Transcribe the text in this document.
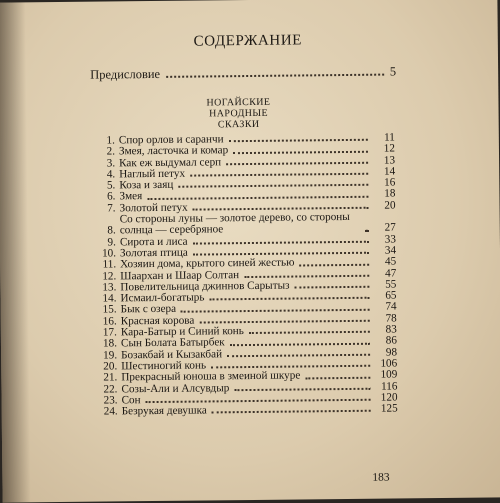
СОДЕРЖАНИЕ
Предисловие	5
НОГАЙСКИЕ
НАРОДНЫЕ
СКАЗКИ
1. Спор орлов и саранчи	11
2. Змея, ласточка и комар	12
3. Как еж выдумал серп	13
4. Наглый петух	14
5. Коза и заяц	16
6. Змея	18
7. Золотой петух	20
8.
Со стороны луны — золотое дерево, со стороны солнца — серебряное	27
9. Сирота и лиса	33
10. Золотая птица	34
11. Хозяин дома, крытого синей жестью	45
12. Шаархан и Шаар Солтан	47
13. Повелительница джиннов Сарытыз	55
14. Исмаил-богатырь	65
15. Бык с озера	74
16. Красная корова	78
17. Кара-Батыр и Синий конь	83
18. Сын Болата Батырбек	86
19. Бозакбай и Кызакбай	98
20. Шестиногий конь	106
21. Прекрасный юноша в змеиной шкуре	109
22. Созы-Али и Алсувдыр	116
23. Сон	120
24. Безрукая девушка	125
183
